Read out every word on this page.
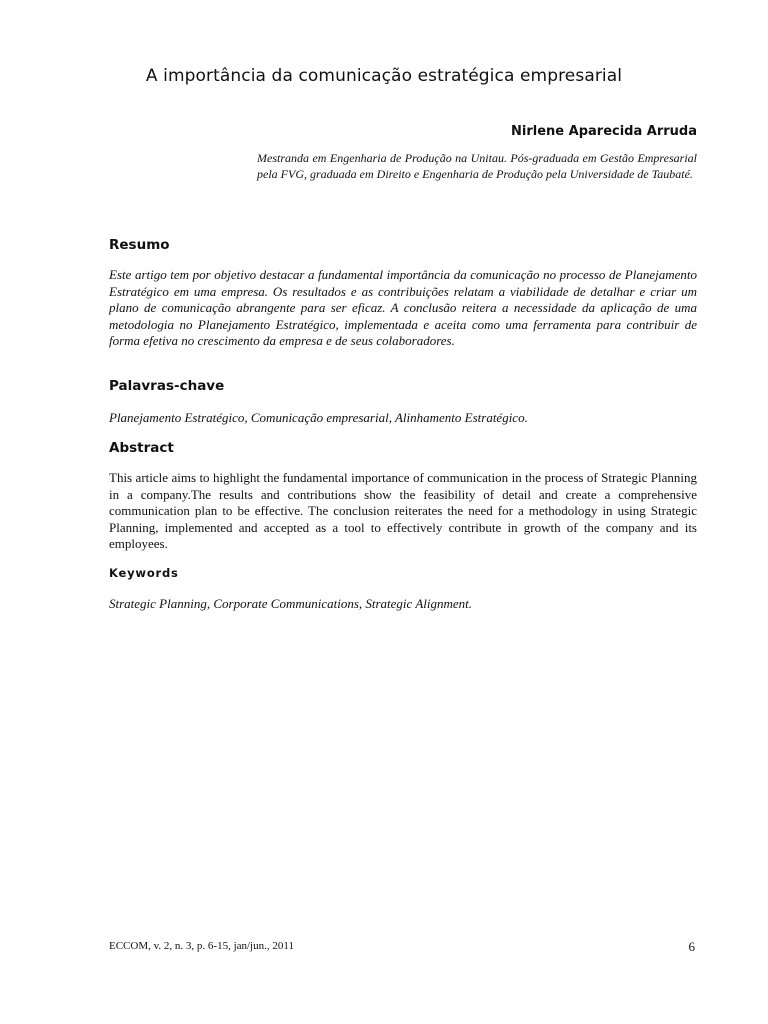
A importância da comunicação estratégica empresarial
Nirlene Aparecida Arruda
Mestranda em Engenharia de Produção na Unitau. Pós-graduada em Gestão Empresarial pela FVG, graduada em Direito e Engenharia de Produção pela Universidade de Taubaté.
Resumo
Este artigo tem por objetivo destacar a fundamental importância da comunicação no processo de Planejamento Estratégico em uma empresa. Os resultados e as contribuições relatam a viabilidade de detalhar e criar um plano de comunicação abrangente para ser eficaz. A conclusão reitera a necessidade da aplicação de uma metodologia no Planejamento Estratégico, implementada e aceita como uma ferramenta para contribuir de forma efetiva no crescimento da empresa e de seus colaboradores.
Palavras-chave
Planejamento Estratégico, Comunicação empresarial, Alinhamento Estratégico.
Abstract
This article aims to highlight the fundamental importance of communication in the process of Strategic Planning in a company.The results and contributions show the feasibility of detail and create a comprehensive communication plan to be effective. The conclusion reiterates the need for a methodology in using Strategic Planning, implemented and accepted as a tool to effectively contribute in growth of the company and its employees.
Keywords
Strategic Planning, Corporate Communications, Strategic Alignment.
ECCOM, v. 2, n. 3, p. 6-15, jan/jun., 2011	6
